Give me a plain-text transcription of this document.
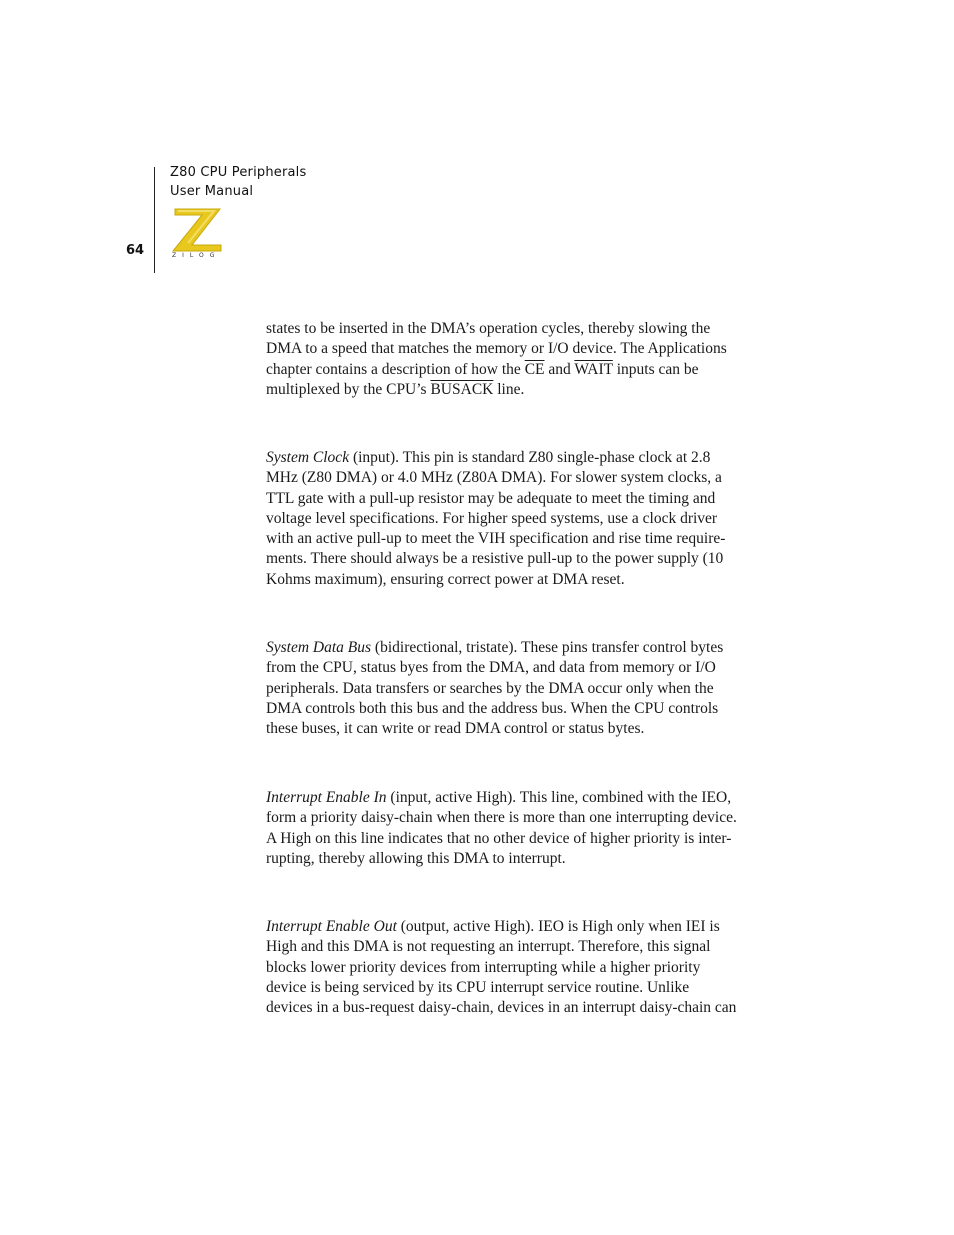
Z80 CPU Peripherals
User Manual
64	ZILOG

states to be inserted in the DMA’s operation cycles, thereby slowing the
DMA to a speed that matches the memory or I/O device. The Applications
chapter contains a description of how the $\overline{CE}$ and WAIT inputs can be
multiplexed by the CPU’s BUSACK line.

System Clock (input). This pin is standard Z80 single-phase clock at 2.8
MHz (Z80 DMA) or 4.0 MHz (Z80A DMA). For slower system clocks, a
TTL gate with a pull-up resistor may be adequate to meet the timing and
voltage level specifications. For higher speed systems, use a clock driver
with an active pull-up to meet the VIH specification and rise time require-
ments. There should always be a resistive pull-up to the power supply (10
Kohms maximum), ensuring correct power at DMA reset.

System Data Bus (bidirectional, tristate). These pins transfer control bytes
from the CPU, status byes from the DMA, and data from memory or I/O
peripherals. Data transfers or searches by the DMA occur only when the
DMA controls both this bus and the address bus. When the CPU controls
these buses, it can write or read DMA control or status bytes.

Interrupt Enable In (input, active High). This line, combined with the IEO,
form a priority daisy-chain when there is more than one interrupting device.
A High on this line indicates that no other device of higher priority is inter-
rupting, thereby allowing this DMA to interrupt.

Interrupt Enable Out (output, active High). IEO is High only when IEI is
High and this DMA is not requesting an interrupt. Therefore, this signal
blocks lower priority devices from interrupting while a higher priority
device is being serviced by its CPU interrupt service routine. Unlike
devices in a bus-request daisy-chain, devices in an interrupt daisy-chain can
